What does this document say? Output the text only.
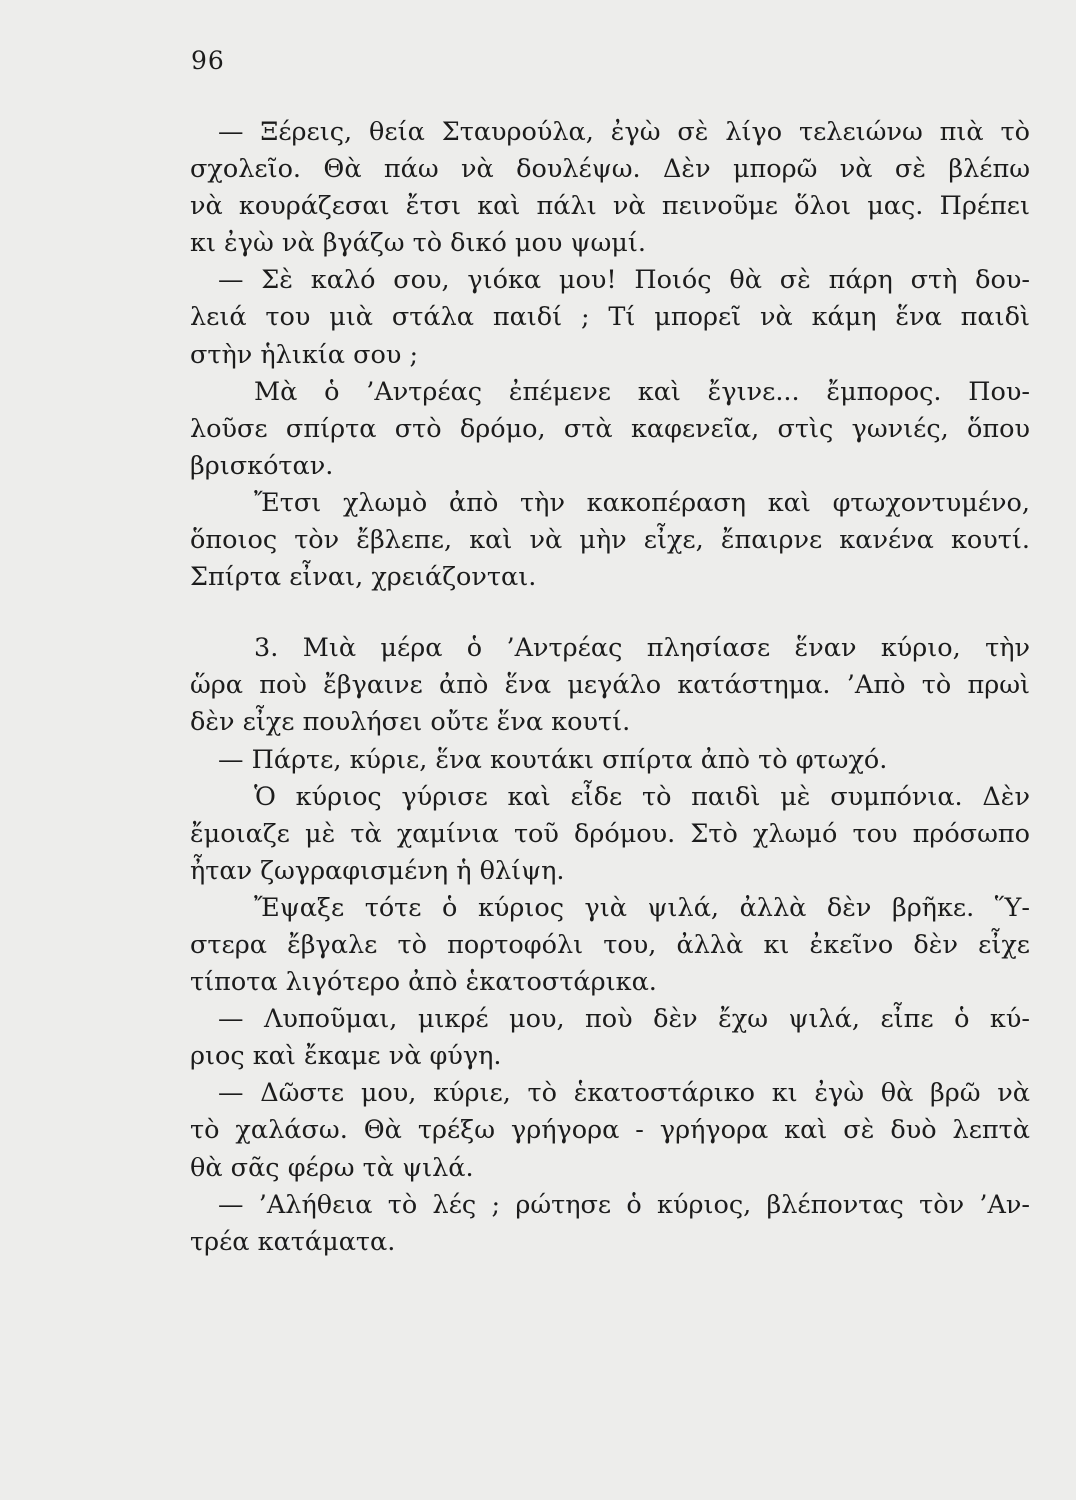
96
— Ξέρεις, θεία Σταυρούλα, ἐγὼ σὲ λίγο τελειώνω πιὰ τὸ
σχολεῖο. Θὰ πάω νὰ δουλέψω. Δὲν μπορῶ νὰ σὲ βλέπω
νὰ κουράζεσαι ἔτσι καὶ πάλι νὰ πεινοῦμε ὅλοι μας. Πρέπει
κι ἐγὼ νὰ βγάζω τὸ δικό μου ψωμί.
— Σὲ καλό σου, γιόκα μου! Ποιός θὰ σὲ πάρη στὴ δου-
λειά του μιὰ στάλα παιδί ; Τί μπορεῖ νὰ κάμη ἕνα παιδὶ
στὴν ἡλικία σου ;
Μὰ ὁ ’Αντρέας ἐπέμενε καὶ ἔγινε... ἔμπορος. Που-
λοῦσε σπίρτα στὸ δρόμο, στὰ καφενεῖα, στὶς γωνιές, ὅπου
βρισκόταν.
Ἔτσι χλωμὸ ἀπὸ τὴν κακοπέραση καὶ φτωχοντυμένο,
ὅποιος τὸν ἔβλεπε, καὶ νὰ μὴν εἶχε, ἔπαιρνε κανένα κουτί.
Σπίρτα εἶναι, χρειάζονται.
3. Μιὰ μέρα ὁ ’Αντρέας πλησίασε ἕναν κύριο, τὴν
ὥρα ποὺ ἔβγαινε ἀπὸ ἕνα μεγάλο κατάστημα. ’Απὸ τὸ πρωὶ
δὲν εἶχε πουλήσει οὔτε ἕνα κουτί.
— Πάρτε, κύριε, ἕνα κουτάκι σπίρτα ἀπὸ τὸ φτωχό.
Ὁ κύριος γύρισε καὶ εἶδε τὸ παιδὶ μὲ συμπόνια. Δὲν
ἔμοιαζε μὲ τὰ χαμίνια τοῦ δρόμου. Στὸ χλωμό του πρόσωπο
ἦταν ζωγραφισμένη ἡ θλίψη.
Ἔψαξε τότε ὁ κύριος γιὰ ψιλά, ἀλλὰ δὲν βρῆκε. Ὕ-
στερα ἔβγαλε τὸ πορτοφόλι του, ἀλλὰ κι ἐκεῖνο δὲν εἶχε
τίποτα λιγότερο ἀπὸ ἑκατοστάρικα.
— Λυποῦμαι, μικρέ μου, ποὺ δὲν ἔχω ψιλά, εἶπε ὁ κύ-
ριος καὶ ἔκαμε νὰ φύγη.
— Δῶστε μου, κύριε, τὸ ἑκατοστάρικο κι ἐγὼ θὰ βρῶ νὰ
τὸ χαλάσω. Θὰ τρέξω γρήγορα - γρήγορα καὶ σὲ δυὸ λεπτὰ
θὰ σᾶς φέρω τὰ ψιλά.
— ’Αλήθεια τὸ λές ; ρώτησε ὁ κύριος, βλέποντας τὸν ’Αν-
τρέα κατάματα.
